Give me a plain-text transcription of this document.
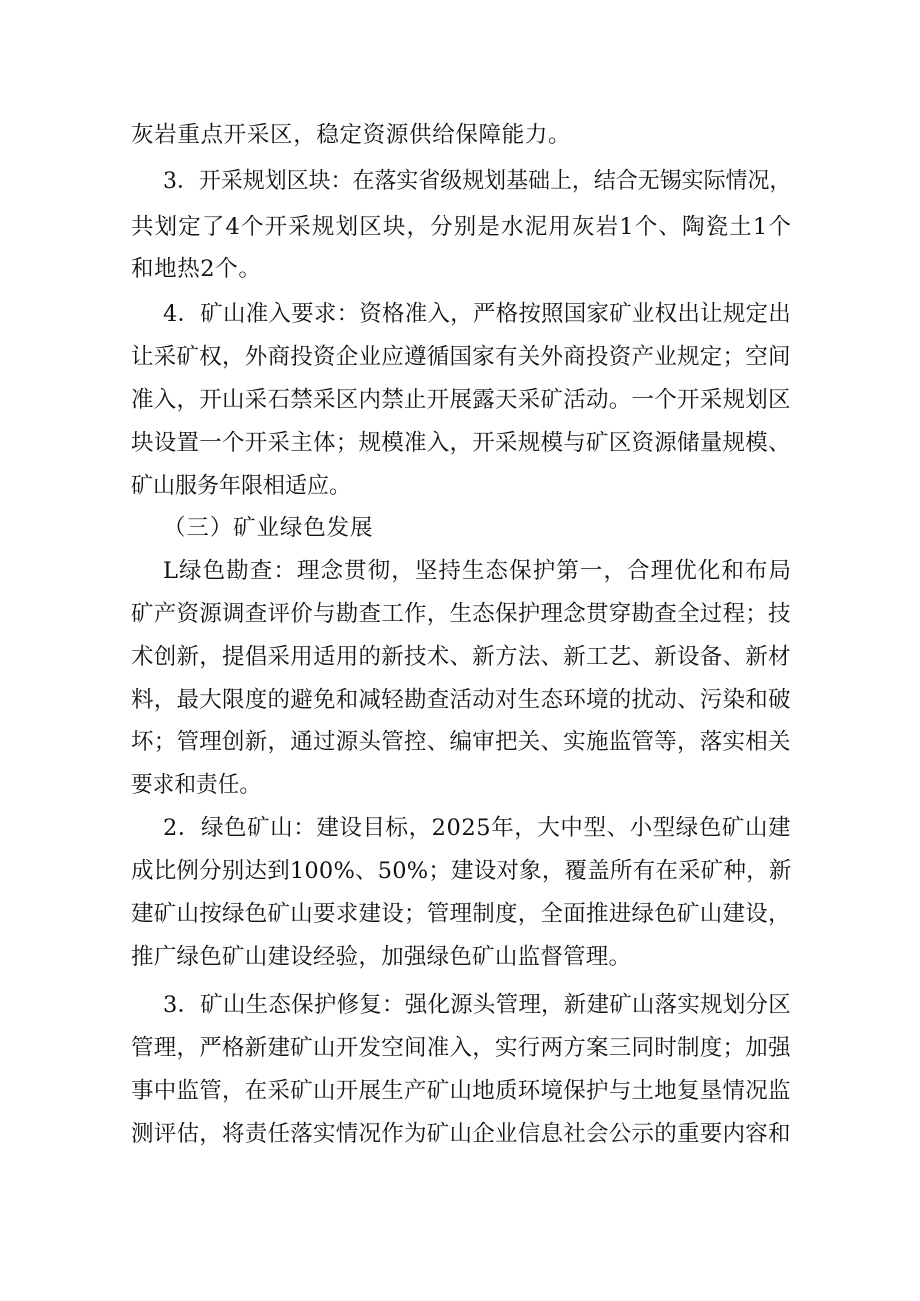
灰岩重点开采区，稳定资源供给保障能力。
3．开采规划区块：在落实省级规划基础上，结合无锡实际情况，
共划定了4个开采规划区块，分别是水泥用灰岩1个、陶瓷土1个
和地热2个。
4．矿山准入要求：资格准入，严格按照国家矿业权出让规定出
让采矿权，外商投资企业应遵循国家有关外商投资产业规定；空间
准入，开山采石禁采区内禁止开展露天采矿活动。一个开采规划区
块设置一个开采主体；规模准入，开采规模与矿区资源储量规模、
矿山服务年限相适应。
（三）矿业绿色发展
L绿色勘查：理念贯彻，坚持生态保护第一，合理优化和布局
矿产资源调查评价与勘查工作，生态保护理念贯穿勘查全过程；技
术创新，提倡采用适用的新技术、新方法、新工艺、新设备、新材
料，最大限度的避免和减轻勘查活动对生态环境的扰动、污染和破
坏；管理创新，通过源头管控、编审把关、实施监管等，落实相关
要求和责任。
2．绿色矿山：建设目标，2025年，大中型、小型绿色矿山建
成比例分别达到100%、50%；建设对象，覆盖所有在采矿种，新
建矿山按绿色矿山要求建设；管理制度，全面推进绿色矿山建设，
推广绿色矿山建设经验，加强绿色矿山监督管理。
3．矿山生态保护修复：强化源头管理，新建矿山落实规划分区
管理，严格新建矿山开发空间准入，实行两方案三同时制度；加强
事中监管，在采矿山开展生产矿山地质环境保护与土地复垦情况监
测评估，将责任落实情况作为矿山企业信息社会公示的重要内容和
